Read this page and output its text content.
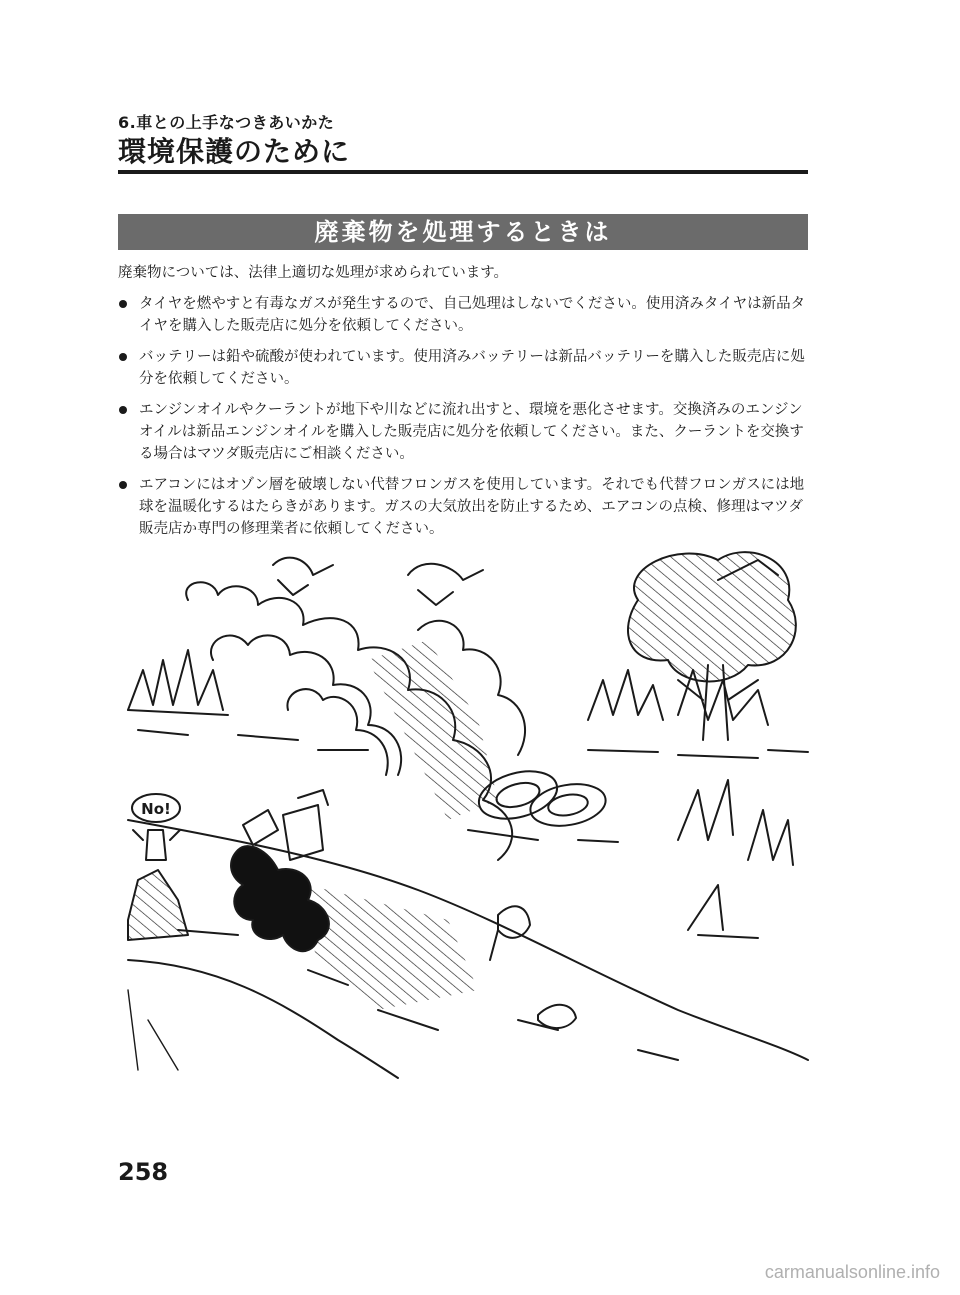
6.車との上手なつきあいかた
環境保護のために
廃棄物を処理するときは

廃棄物については、法律上適切な処理が求められています。

タイヤを燃やすと有毒なガスが発生するので、自己処理はしないでください。使用済みタイヤは新品タイヤを購入した販売店に処分を依頼してください。
バッテリーは鉛や硫酸が使われています。使用済みバッテリーは新品バッテリーを購入した販売店に処分を依頼してください。
エンジンオイルやクーラントが地下や川などに流れ出すと、環境を悪化させます。交換済みのエンジンオイルは新品エンジンオイルを購入した販売店に処分を依頼してください。また、クーラントを交換する場合はマツダ販売店にご相談ください。
エアコンにはオゾン層を破壊しない代替フロンガスを使用しています。それでも代替フロンガスには地球を温暖化するはたらきがあります。ガスの大気放出を防止するため、エアコンの点検、修理はマツダ販売店か専門の修理業者に依頼してください。
No!
258
carmanualsonline.info
